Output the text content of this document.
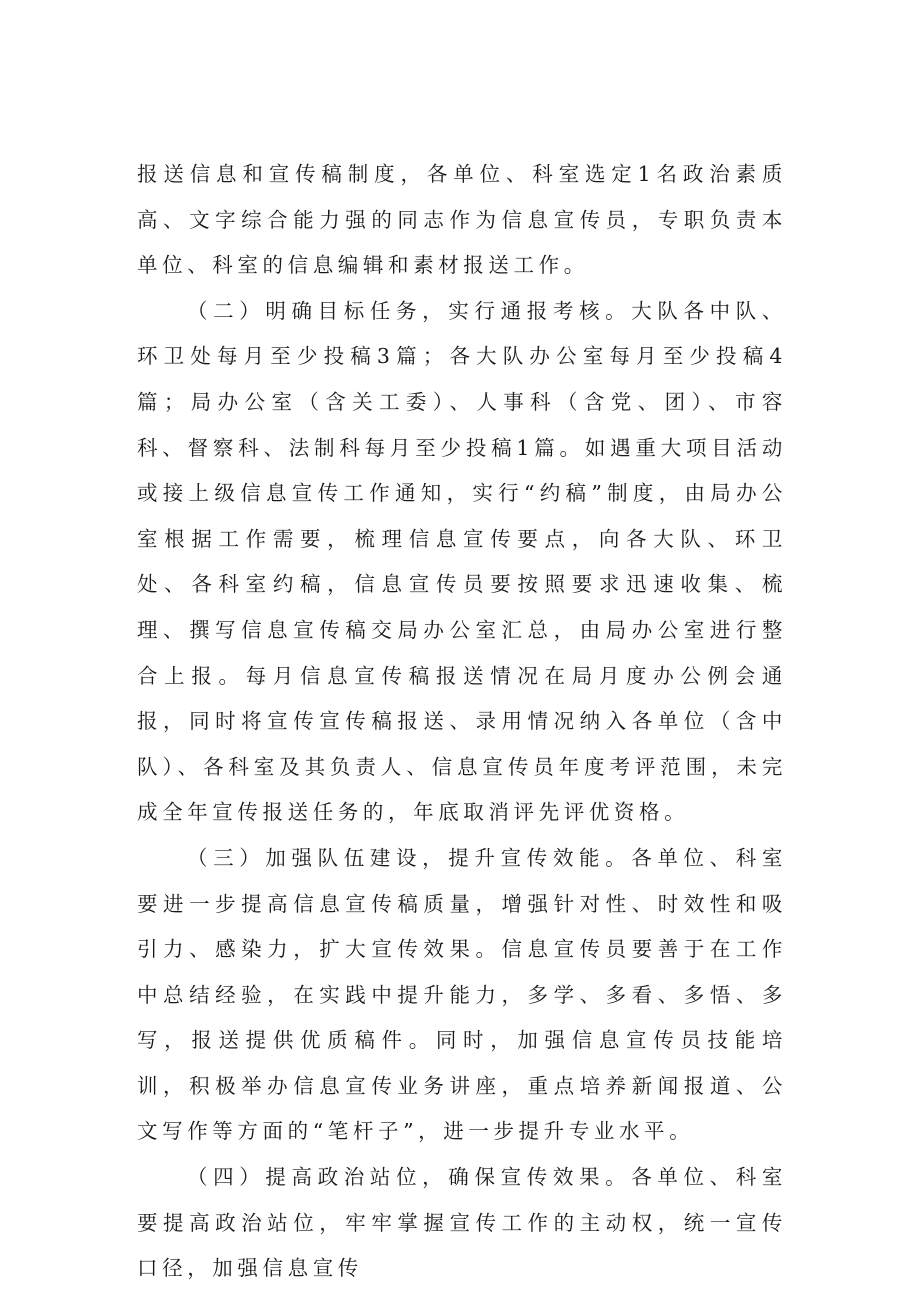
报送信息和宣传稿制度，各单位、科室选定1名政治素质高、文字综合能力强的同志作为信息宣传员，专职负责本单位、科室的信息编辑和素材报送工作。

（二）明确目标任务，实行通报考核。大队各中队、环卫处每月至少投稿3篇；各大队办公室每月至少投稿4篇；局办公室（含关工委）、人事科（含党、团）、市容科、督察科、法制科每月至少投稿1篇。如遇重大项目活动或接上级信息宣传工作通知，实行“约稿”制度，由局办公室根据工作需要，梳理信息宣传要点，向各大队、环卫处、各科室约稿，信息宣传员要按照要求迅速收集、梳理、撰写信息宣传稿交局办公室汇总，由局办公室进行整合上报。每月信息宣传稿报送情况在局月度办公例会通报，同时将宣传宣传稿报送、录用情况纳入各单位（含中队）、各科室及其负责人、信息宣传员年度考评范围，未完成全年宣传报送任务的，年底取消评先评优资格。

（三）加强队伍建设，提升宣传效能。各单位、科室要进一步提高信息宣传稿质量，增强针对性、时效性和吸引力、感染力，扩大宣传效果。信息宣传员要善于在工作中总结经验，在实践中提升能力，多学、多看、多悟、多写，报送提供优质稿件。同时，加强信息宣传员技能培训，积极举办信息宣传业务讲座，重点培养新闻报道、公文写作等方面的“笔杆子”，进一步提升专业水平。

（四）提高政治站位，确保宣传效果。各单位、科室要提高政治站位，牢牢掌握宣传工作的主动权，统一宣传口径，加强信息宣传
